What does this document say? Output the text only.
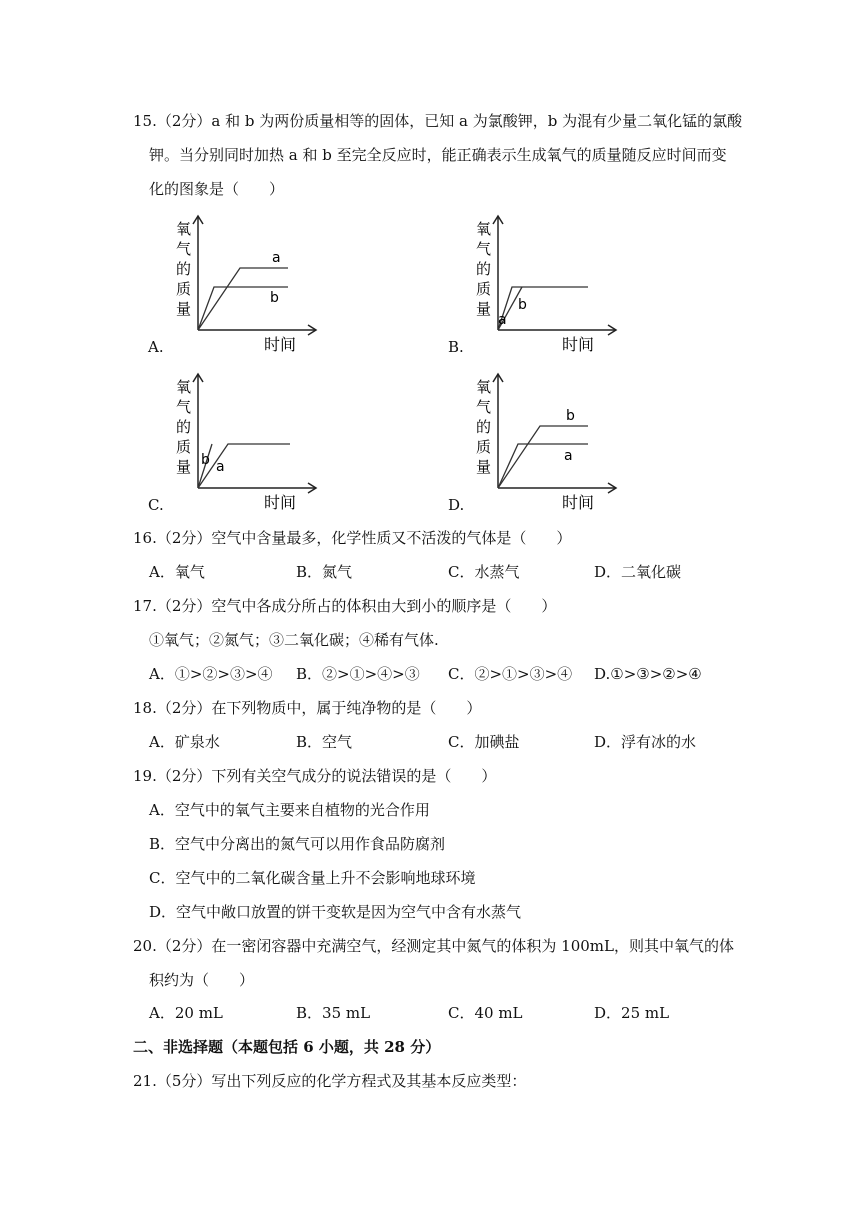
15.（2分）a 和 b 为两份质量相等的固体，已知 a 为氯酸钾，b 为混有少量二氧化锰的氯酸
钾。当分别同时加热 a 和 b 至完全反应时，能正确表示生成氧气的质量随反应时间而变
化的图象是（　　）
A.
氧
气
的
质
量
时间
a
b
B.
氧
气
的
质
量
时间
a
b
C.
氧
气
的
质
量
时间
b a
D.
氧
气
的
质
量
时间
b
a
16.（2分）空气中含量最多，化学性质又不活泼的气体是（　　）
A．氧气	B．氮气	C．水蒸气	D．二氧化碳
17.（2分）空气中各成分所占的体积由大到小的顺序是（　　）
①氧气；②氮气；③二氧化碳；④稀有气体.
A．①>②>③>④ B．②>①>④>③ C．②>①>③>④ D.①>③>②>④
18.（2分）在下列物质中，属于纯净物的是（　　）
A．矿泉水	B．空气	C．加碘盐	D．浮有冰的水
19.（2分）下列有关空气成分的说法错误的是（　　）
A．空气中的氧气主要来自植物的光合作用
B．空气中分离出的氮气可以用作食品防腐剂
C．空气中的二氧化碳含量上升不会影响地球环境
D．空气中敞口放置的饼干变软是因为空气中含有水蒸气
20.（2分）在一密闭容器中充满空气，经测定其中氮气的体积为 100mL，则其中氧气的体
积约为（　　）
A．20 mL	B．35 mL	C．40 mL	D．25 mL
二、非选择题（本题包括 6 小题，共 28 分）
21.（5分）写出下列反应的化学方程式及其基本反应类型：
